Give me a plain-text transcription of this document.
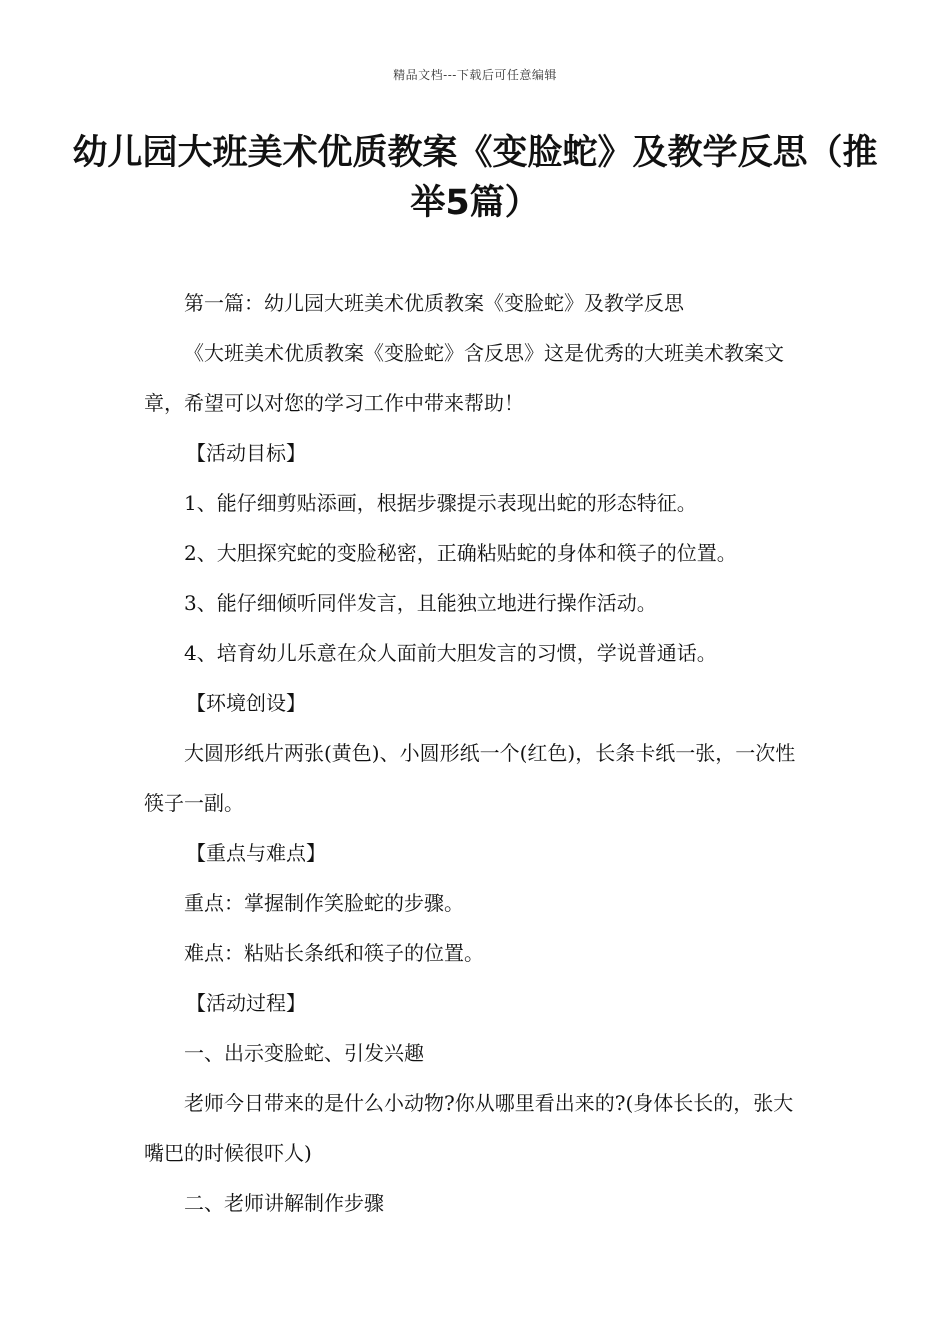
精品文档---下载后可任意编辑
幼儿园大班美术优质教案《变脸蛇》及教学反思（推举5篇）

第一篇：幼儿园大班美术优质教案《变脸蛇》及教学反思

《大班美术优质教案《变脸蛇》含反思》这是优秀的大班美术教案文章，希望可以对您的学习工作中带来帮助！

【活动目标】

1、能仔细剪贴添画，根据步骤提示表现出蛇的形态特征。

2、大胆探究蛇的变脸秘密，正确粘贴蛇的身体和筷子的位置。

3、能仔细倾听同伴发言，且能独立地进行操作活动。

4、培育幼儿乐意在众人面前大胆发言的习惯，学说普通话。

【环境创设】

大圆形纸片两张(黄色)、小圆形纸一个(红色)，长条卡纸一张，一次性筷子一副。

【重点与难点】

重点：掌握制作笑脸蛇的步骤。

难点：粘贴长条纸和筷子的位置。

【活动过程】

一、出示变脸蛇、引发兴趣

老师今日带来的是什么小动物?你从哪里看出来的?(身体长长的，张大嘴巴的时候很吓人)

二、老师讲解制作步骤
